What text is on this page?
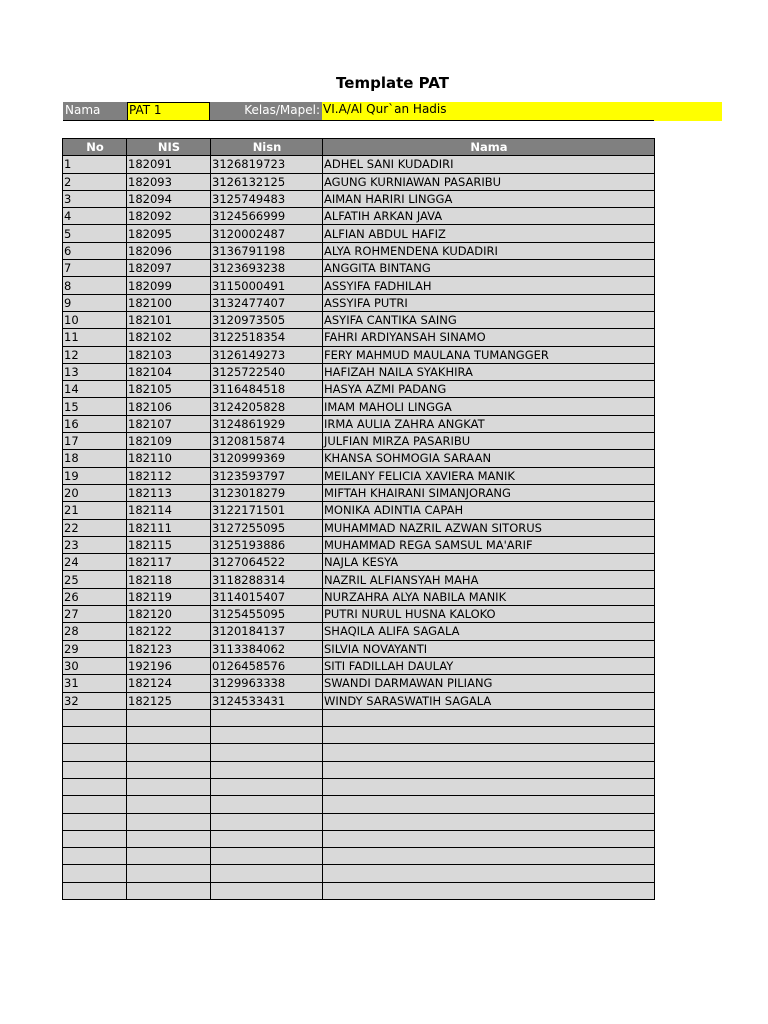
Template PAT
Nama	PAT 1	Kelas/Mapel: VI.A/Al Qur`an Hadis
No	NIS	Nisn	Nama
1	182091	3126819723	ADHEL SANI KUDADIRI
2	182093	3126132125	AGUNG KURNIAWAN PASARIBU
3	182094	3125749483	AIMAN HARIRI LINGGA
4	182092	3124566999	ALFATIH ARKAN JAVA
5	182095	3120002487	ALFIAN ABDUL HAFIZ
6	182096	3136791198	ALYA ROHMENDENA KUDADIRI
7	182097	3123693238	ANGGITA BINTANG
8	182099	3115000491	ASSYIFA FADHILAH
9	182100	3132477407	ASSYIFA PUTRI
10	182101	3120973505	ASYIFA CANTIKA SAING
11	182102	3122518354	FAHRI ARDIYANSAH SINAMO
12	182103	3126149273	FERY MAHMUD MAULANA TUMANGGER
13	182104	3125722540	HAFIZAH NAILA SYAKHIRA
14	182105	3116484518	HASYA AZMI PADANG
15	182106	3124205828	IMAM MAHOLI LINGGA
16	182107	3124861929	IRMA AULIA ZAHRA ANGKAT
17	182109	3120815874	JULFIAN MIRZA PASARIBU
18	182110	3120999369	KHANSA SOHMOGIA SARAAN
19	182112	3123593797	MEILANY FELICIA XAVIERA MANIK
20	182113	3123018279	MIFTAH KHAIRANI SIMANJORANG
21	182114	3122171501	MONIKA ADINTIA CAPAH
22	182111	3127255095	MUHAMMAD NAZRIL AZWAN SITORUS
23	182115	3125193886	MUHAMMAD REGA SAMSUL MA'ARIF
24	182117	3127064522	NAJLA KESYA
25	182118	3118288314	NAZRIL ALFIANSYAH MAHA
26	182119	3114015407	NURZAHRA ALYA NABILA MANIK
27	182120	3125455095	PUTRI NURUL HUSNA KALOKO
28	182122	3120184137	SHAQILA ALIFA SAGALA
29	182123	3113384062	SILVIA NOVAYANTI
30	192196	0126458576	SITI FADILLAH DAULAY
31	182124	3129963338	SWANDI DARMAWAN PILIANG
32	182125	3124533431	WINDY SARASWATIH SAGALA
